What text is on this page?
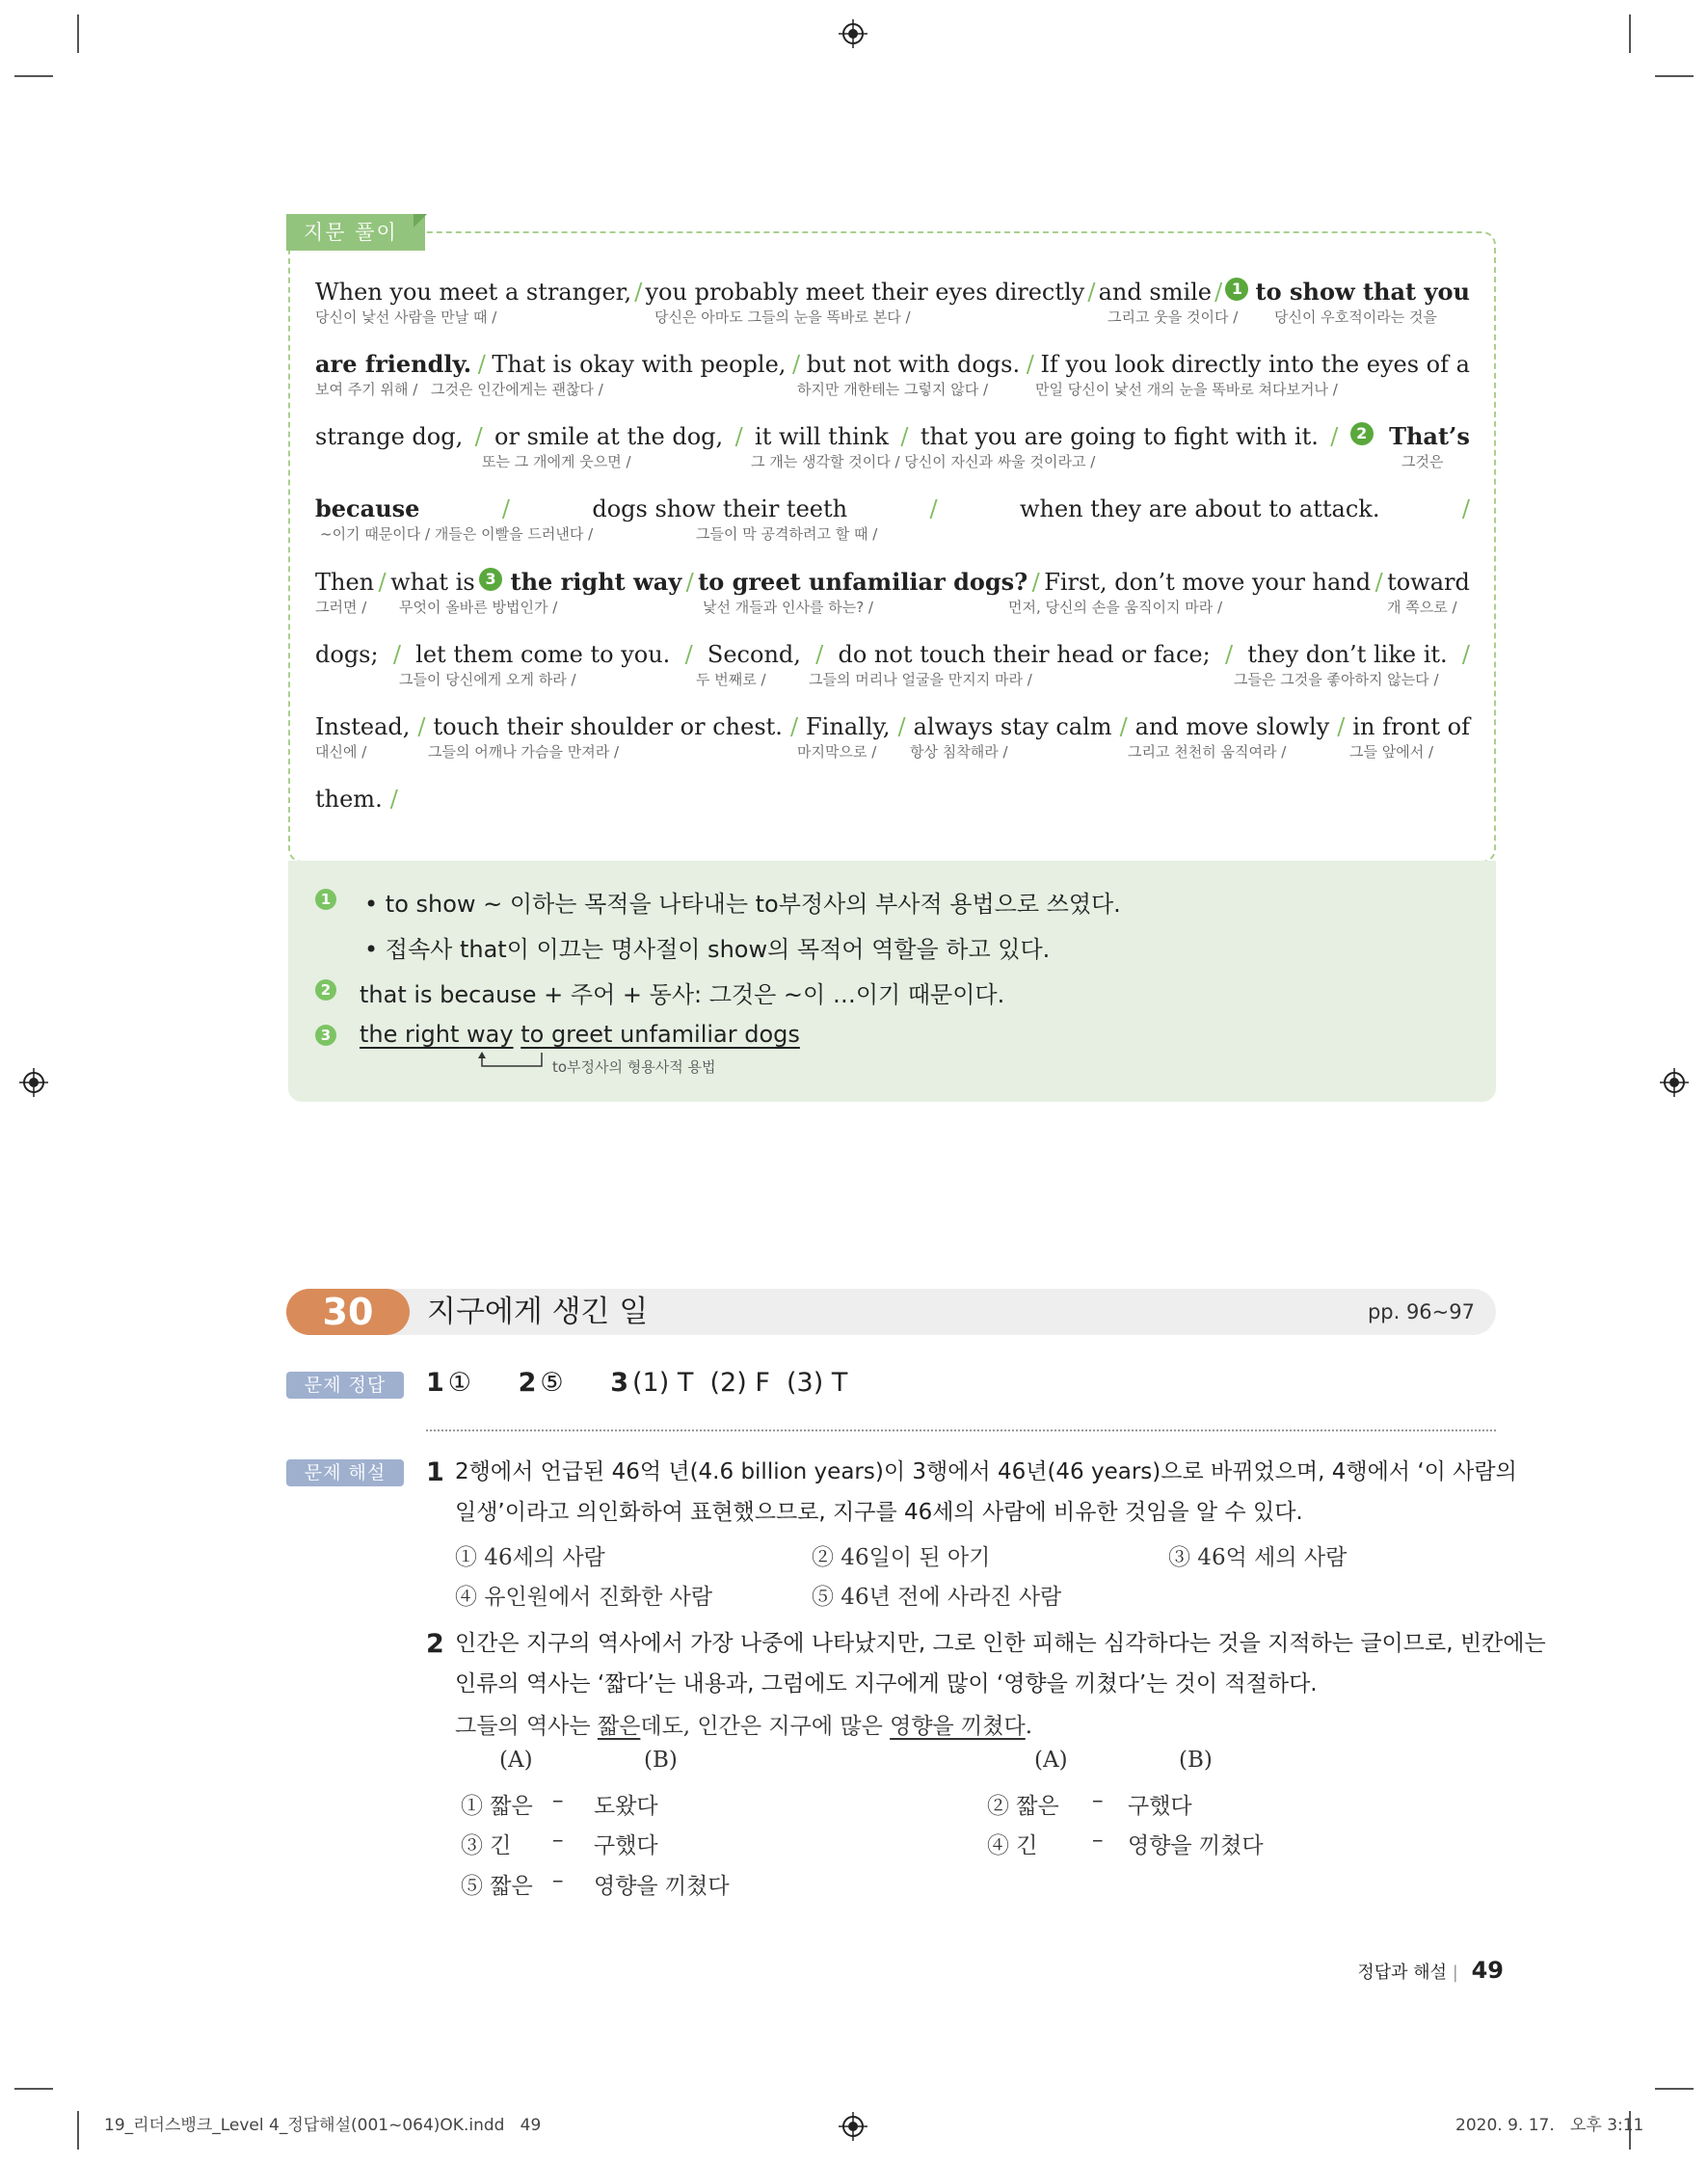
지문 풀이
When you meet a stranger, / you probably meet their eyes directly / and smile / 1 to show that you
당신이 낯선 사람을 만날 때 /	당신은 아마도 그들의 눈을 똑바로 본다 /	그리고 웃을 것이다 /	당신이 우호적이라는 것을
are friendly. / That is okay with people, / but not with dogs. / If you look directly into the eyes of a
보여 주기 위해 / 그것은 인간에게는 괜찮다 /	하지만 개한테는 그렇지 않다 /	만일 당신이 낯선 개의 눈을 똑바로 쳐다보거나 /
strange dog, / or smile at the dog, / it will think / that you are going to fight with it. /	2 That’s
또는 그 개에게 웃으면 /	그 개는 생각할 것이다 / 당신이 자신과 싸울 것이라고 /	그것은
because	/	dogs show their teeth	/	when they are about to attack.	/
~이기 때문이다 / 개들은 이빨을 드러낸다 /	그들이 막 공격하려고 할 때 /
Then / what is 3 the right way / to greet unfamiliar dogs? / First, don’t move your hand / toward
그러면 / 무엇이 올바른 방법인가 /	낯선 개들과 인사를 하는? /	먼저, 당신의 손을 움직이지 마라 /	개 쪽으로 /
dogs; / let them come to you. / Second, / do not touch their head or face; / they don’t like it. /
그들이 당신에게 오게 하라 /	두 번째로 /	그들의 머리나 얼굴을 만지지 마라 /	그들은 그것을 좋아하지 않는다 /
Instead, / touch their shoulder or chest. / Finally, / always stay calm / and move slowly / in front of
대신에 /	그들의 어깨나 가슴을 만져라 /	마지막으로 / 항상 침착해라 /	그리고 천천히 움직여라 /	그들 앞에서 /
them. /
1 • to show ~ 이하는 목적을 나타내는 to부정사의 부사적 용법으로 쓰였다.
• 접속사 that이 이끄는 명사절이 show의 목적어 역할을 하고 있다.
2 that is because + 주어 + 동사: 그것은 ~이 …이기 때문이다.
3 the right way to greet unfamiliar dogs
to부정사의 형용사적 용법
30	지구에게 생긴 일	pp. 96~97
문제 정답	1 ① 2 ⑤ 3 (1) T  (2) F  (3) T
문제 해설	1 2행에서 언급된 46억 년(4.6 billion years)이 3행에서 46년(46 years)으로 바뀌었으며, 4행에서 ‘이 사람의
일생’이라고 의인화하여 표현했으므로, 지구를 46세의 사람에 비유한 것임을 알 수 있다.
① 46세의 사람	② 46일이 된 아기	③ 46억 세의 사람
④ 유인원에서 진화한 사람	⑤ 46년 전에 사라진 사람
2 인간은 지구의 역사에서 가장 나중에 나타났지만, 그로 인한 피해는 심각하다는 것을 지적하는 글이므로, 빈칸에는
인류의 역사는 ‘짧다’는 내용과, 그럼에도 지구에게 많이 ‘영향을 끼쳤다’는 것이 적절하다.
그들의 역사는 짧은데도, 인간은 지구에 많은 영향을 끼쳤다.
(A)	(B)	(A)	(B)
① 짧은 – 도왔다	② 짧은 – 구했다
③ 긴 – 구했다	④ 긴 – 영향을 끼쳤다
⑤ 짧은 – 영향을 끼쳤다
정답과 해설 | 49
19_리더스뱅크_Level 4_정답해설(001~064)OK.indd   49	2020. 9. 17.   오후 3:11
